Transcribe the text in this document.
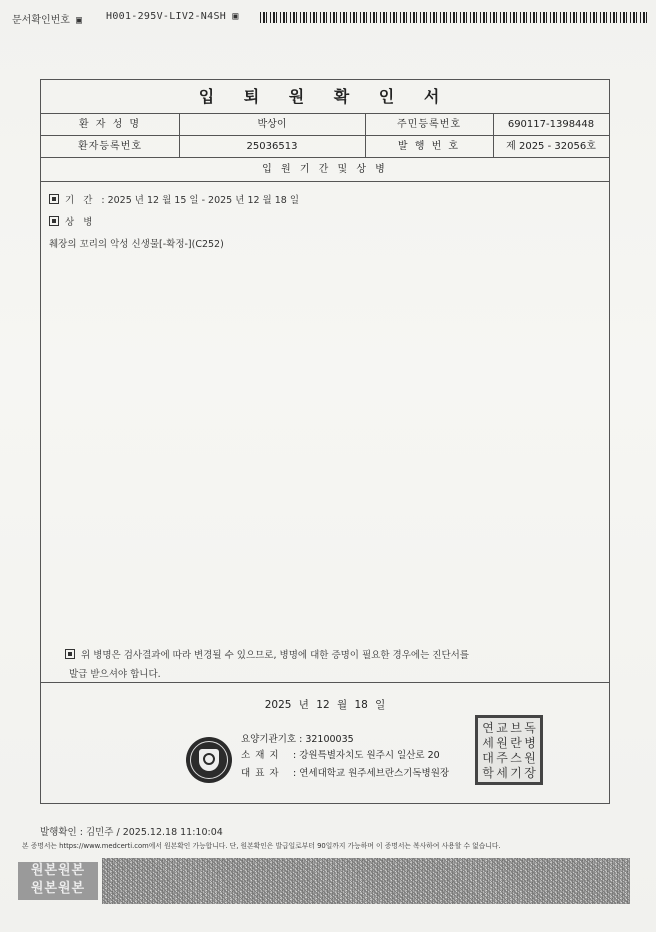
문서확인번호 ▣ H001-295V-LIV2-N4SH ▣
입 퇴 원 확 인 서
환 자 성 명	박상이	주민등록번호	690117-1398448
환자등록번호	25036513	발 행 번 호	제 2025 - 32056호
입 원 기 간 및 상 병
기 간 : 2025 년 12 월 15 일 - 2025 년 12 월 18 일
상 병
췌장의 꼬리의 악성 신생물[-확정-](C252)
위 병명은 검사결과에 따라 변경될 수 있으므로, 병명에 대한 증명이 필요한 경우에는 진단서를
발급 받으셔야 합니다.
2025 년 12 월 18 일
요양기관기호 : 32100035
소 재 지 : 강원특별자치도 원주시 일산로 20
대 표 자 : 연세대학교 원주세브란스기독병원장
연 교 브 독
세 원 란 병
대 주 스 원
학 세 기 장
발행확인 : 김민주 / 2025.12.18 11:10:04
본 증명서는 https://www.medcerti.com에서 원본확인 가능합니다. 단, 원본확인은 발급일로부터 90일까지 가능하며 이 증명서는 복사하여 사용할 수 없습니다.
원본원본
원본원본
